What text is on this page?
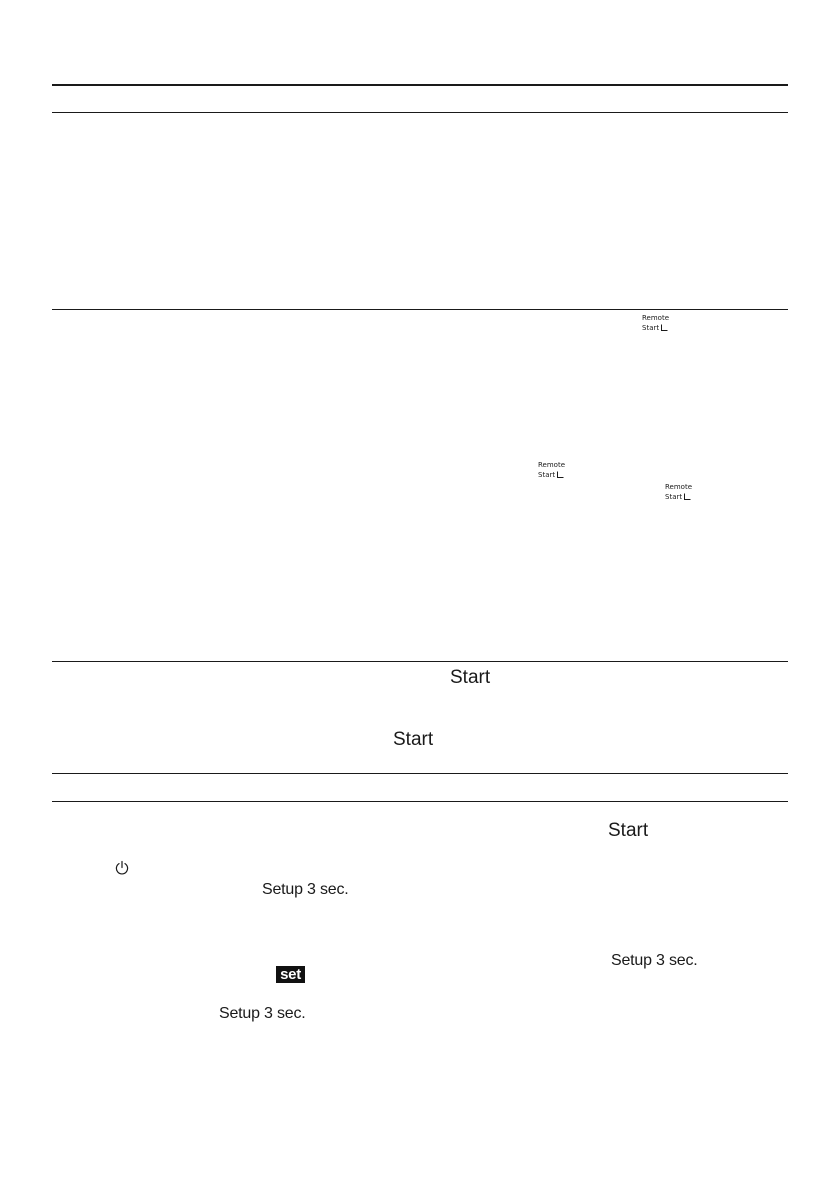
Remote
Start
Remote
Start
Remote
Start
Start
Start
Start
Setup 3 sec.
Setup 3 sec.
Setup 3 sec.
set
